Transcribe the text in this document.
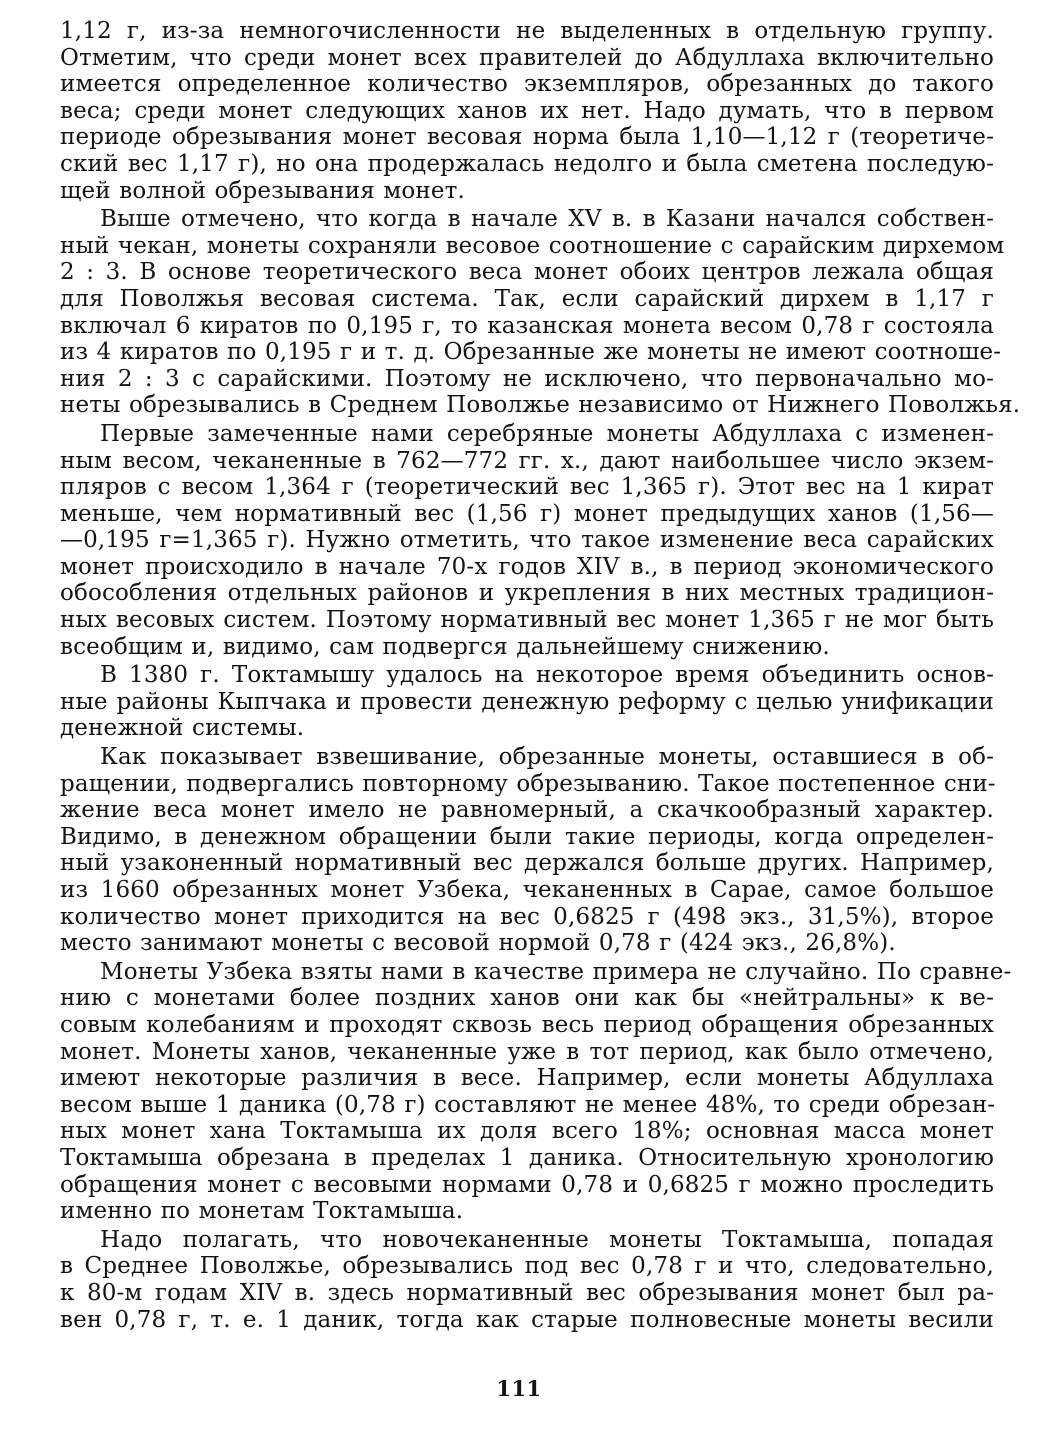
1,12 г, из-за немногочисленности не выделенных в отдельную группу.
Отметим, что среди монет всех правителей до Абдуллаха включительно
имеется определенное количество экземпляров, обрезанных до такого
веса; среди монет следующих ханов их нет. Надо думать, что в первом
периоде обрезывания монет весовая норма была 1,10—1,12 г (теоретиче-
ский вес 1,17 г), но она продержалась недолго и была сметена последую-
щей волной обрезывания монет.

Выше отмечено, что когда в начале XV в. в Казани начался собствен-
ный чекан, монеты сохраняли весовое соотношение с сарайским дирхемом
2 : 3. В основе теоретического веса монет обоих центров лежала общая
для Поволжья весовая система. Так, если сарайский дирхем в 1,17 г
включал 6 киратов по 0,195 г, то казанская монета весом 0,78 г состояла
из 4 киратов по 0,195 г и т. д. Обрезанные же монеты не имеют соотноше-
ния 2 : 3 с сарайскими. Поэтому не исключено, что первоначально мо-
неты обрезывались в Среднем Поволжье независимо от Нижнего Поволжья.

Первые замеченные нами серебряные монеты Абдуллаха с изменен-
ным весом, чеканенные в 762—772 гг. х., дают наибольшее число экзем-
пляров с весом 1,364 г (теоретический вес 1,365 г). Этот вес на 1 кират
меньше, чем нормативный вес (1,56 г) монет предыдущих ханов (1,56—
—0,195 г=1,365 г). Нужно отметить, что такое изменение веса сарайских
монет происходило в начале 70-х годов XIV в., в период экономического
обособления отдельных районов и укрепления в них местных традицион-
ных весовых систем. Поэтому нормативный вес монет 1,365 г не мог быть
всеобщим и, видимо, сам подвергся дальнейшему снижению.

В 1380 г. Токтамышу удалось на некоторое время объединить основ-
ные районы Кыпчака и провести денежную реформу с целью унификации
денежной системы.

Как показывает взвешивание, обрезанные монеты, оставшиеся в об-
ращении, подвергались повторному обрезыванию. Такое постепенное сни-
жение веса монет имело не равномерный, а скачкообразный характер.
Видимо, в денежном обращении были такие периоды, когда определен-
ный узаконенный нормативный вес держался больше других. Например,
из 1660 обрезанных монет Узбека, чеканенных в Сарае, самое большое
количество монет приходится на вес 0,6825 г (498 экз., 31,5%), второе
место занимают монеты с весовой нормой 0,78 г (424 экз., 26,8%).

Монеты Узбека взяты нами в качестве примера не случайно. По сравне-
нию с монетами более поздних ханов они как бы «нейтральны» к ве-
совым колебаниям и проходят сквозь весь период обращения обрезанных
монет. Монеты ханов, чеканенные уже в тот период, как было отмечено,
имеют некоторые различия в весе. Например, если монеты Абдуллаха
весом выше 1 даника (0,78 г) составляют не менее 48%, то среди обрезан-
ных монет хана Токтамыша их доля всего 18%; основная масса монет
Токтамыша обрезана в пределах 1 даника. Относительную хронологию
обращения монет с весовыми нормами 0,78 и 0,6825 г можно проследить
именно по монетам Токтамыша.

Надо полагать, что новочеканенные монеты Токтамыша, попадая
в Среднее Поволжье, обрезывались под вес 0,78 г и что, следовательно,
к 80-м годам XIV в. здесь нормативный вес обрезывания монет был ра-
вен 0,78 г, т. е. 1 даник, тогда как старые полновесные монеты весили

111
